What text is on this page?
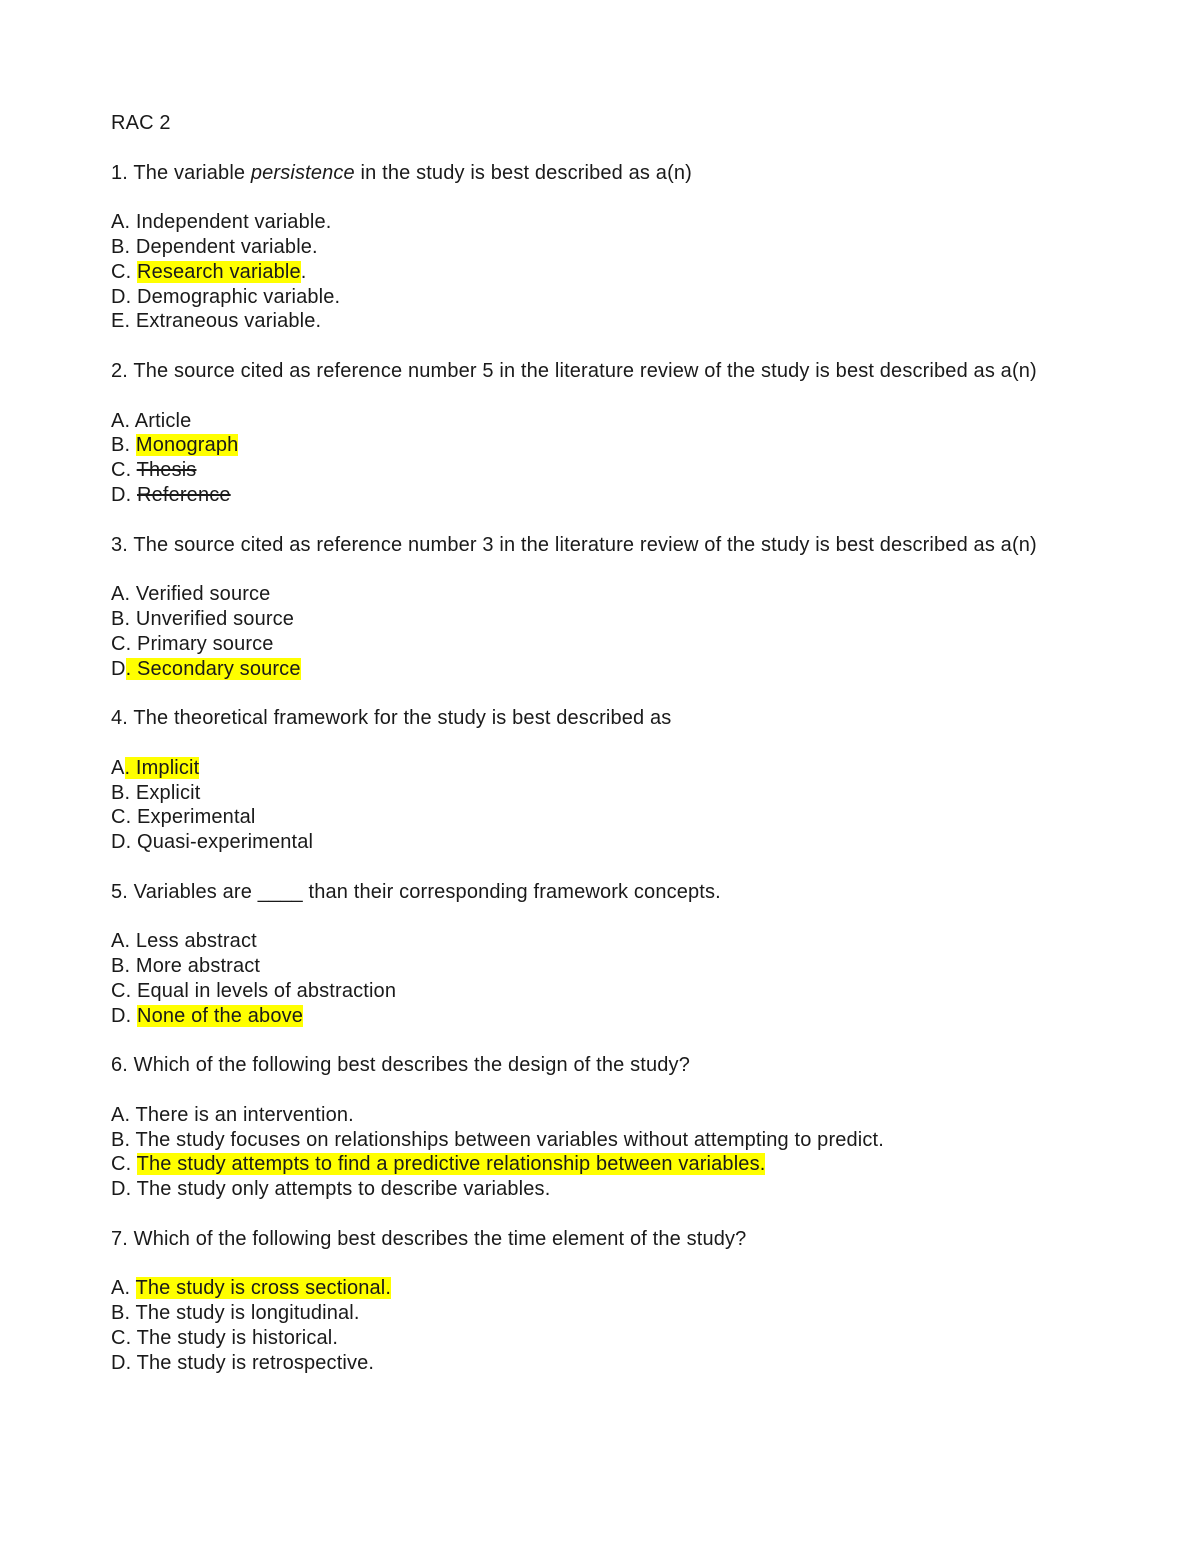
RAC 2
1. The variable persistence in the study is best described as a(n)
A. Independent variable.
B. Dependent variable.
C. Research variable.
D. Demographic variable.
E. Extraneous variable.
2. The source cited as reference number 5 in the literature review of the study is best described as a(n)
A. Article
B. Monograph
C. Thesis
D. Reference
3. The source cited as reference number 3 in the literature review of the study is best described as a(n)
A. Verified source
B. Unverified source
C. Primary source
D. Secondary source
4. The theoretical framework for the study is best described as
A. Implicit
B. Explicit
C. Experimental
D. Quasi-experimental
5. Variables are ____ than their corresponding framework concepts.
A. Less abstract
B. More abstract
C. Equal in levels of abstraction
D. None of the above
6. Which of the following best describes the design of the study?
A. There is an intervention.
B. The study focuses on relationships between variables without attempting to predict.
C. The study attempts to find a predictive relationship between variables.
D. The study only attempts to describe variables.
7. Which of the following best describes the time element of the study?
A. The study is cross sectional.
B. The study is longitudinal.
C. The study is historical.
D. The study is retrospective.
